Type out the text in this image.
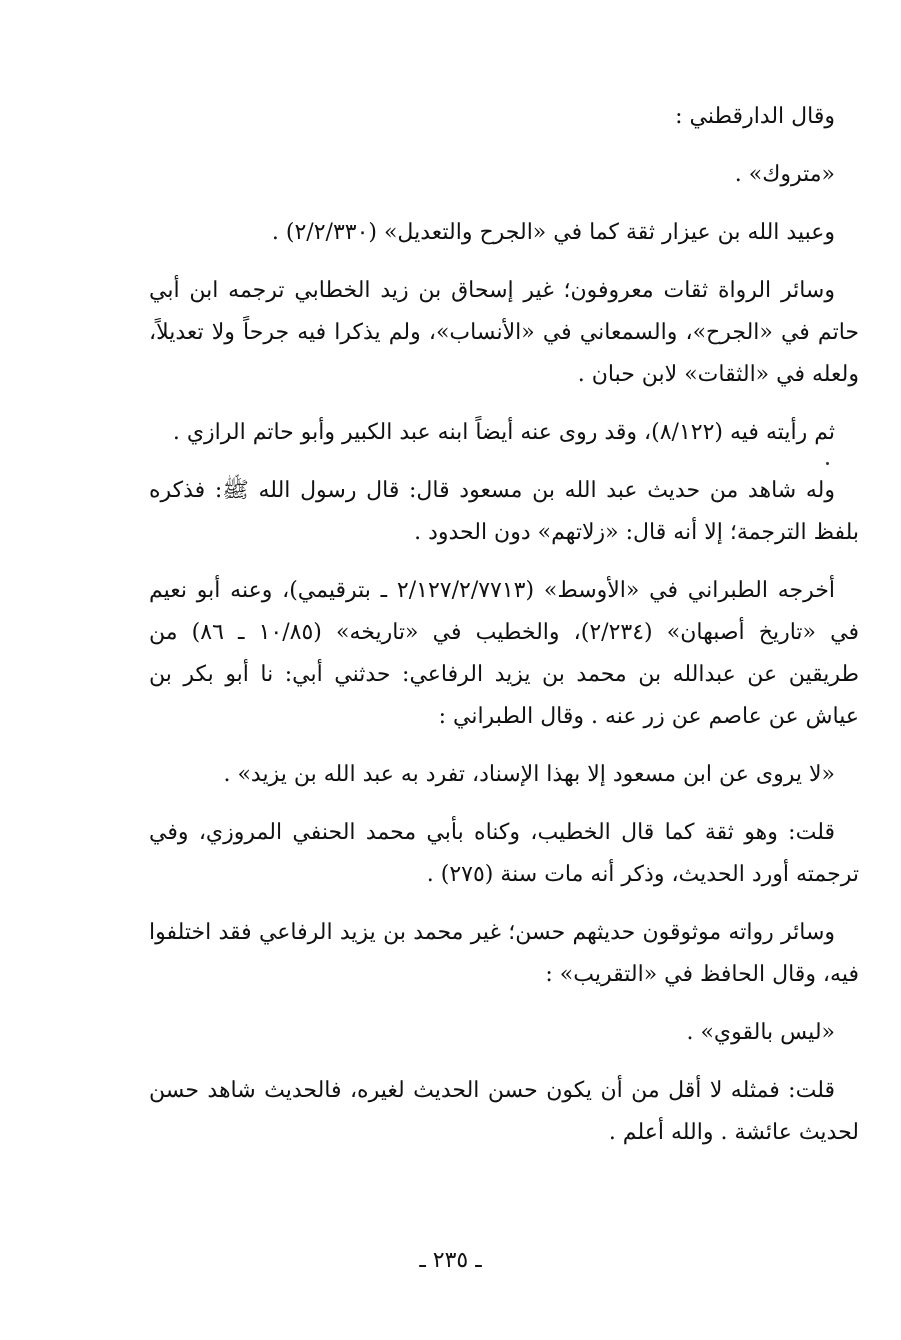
وقال الدارقطني :

«متروك» .

وعبيد الله بن عيزار ثقة كما في «الجرح والتعديل» (٢/٢/٣٣٠) .

وسائر الرواة ثقات معروفون؛ غير إسحاق بن زيد الخطابي ترجمه ابن أبي حاتم في «الجرح»، والسمعاني في «الأنساب»، ولم يذكرا فيه جرحاً ولا تعديلاً، ولعله في «الثقات» لابن حبان .

ثم رأيته فيه (٨/١٢٢)، وقد روى عنه أيضاً ابنه عبد الكبير وأبو حاتم الرازي .

وله شاهد من حديث عبد الله بن مسعود قال: قال رسول الله ﷺ: فذكره بلفظ الترجمة؛ إلا أنه قال: «زلاتهم» دون الحدود .

أخرجه الطبراني في «الأوسط» (٢/١٢٧/٢/٧٧١٣ ـ بترقيمي)، وعنه أبو نعيم في «تاريخ أصبهان» (٢/٢٣٤)، والخطيب في «تاريخه» (١٠/٨٥ ـ ٨٦) من طريقين عن عبدالله بن محمد بن يزيد الرفاعي: حدثني أبي: نا أبو بكر بن عياش عن عاصم عن زر عنه . وقال الطبراني :

«لا يروى عن ابن مسعود إلا بهذا الإسناد، تفرد به عبد الله بن يزيد» .

قلت: وهو ثقة كما قال الخطيب، وكناه بأبي محمد الحنفي المروزي، وفي ترجمته أورد الحديث، وذكر أنه مات سنة (٢٧٥) .

وسائر رواته موثوقون حديثهم حسن؛ غير محمد بن يزيد الرفاعي فقد اختلفوا فيه، وقال الحافظ في «التقريب» :

«ليس بالقوي» .

قلت: فمثله لا أقل من أن يكون حسن الحديث لغيره، فالحديث شاهد حسن لحديث عائشة . والله أعلم .

ـ ٢٣٥ ـ
